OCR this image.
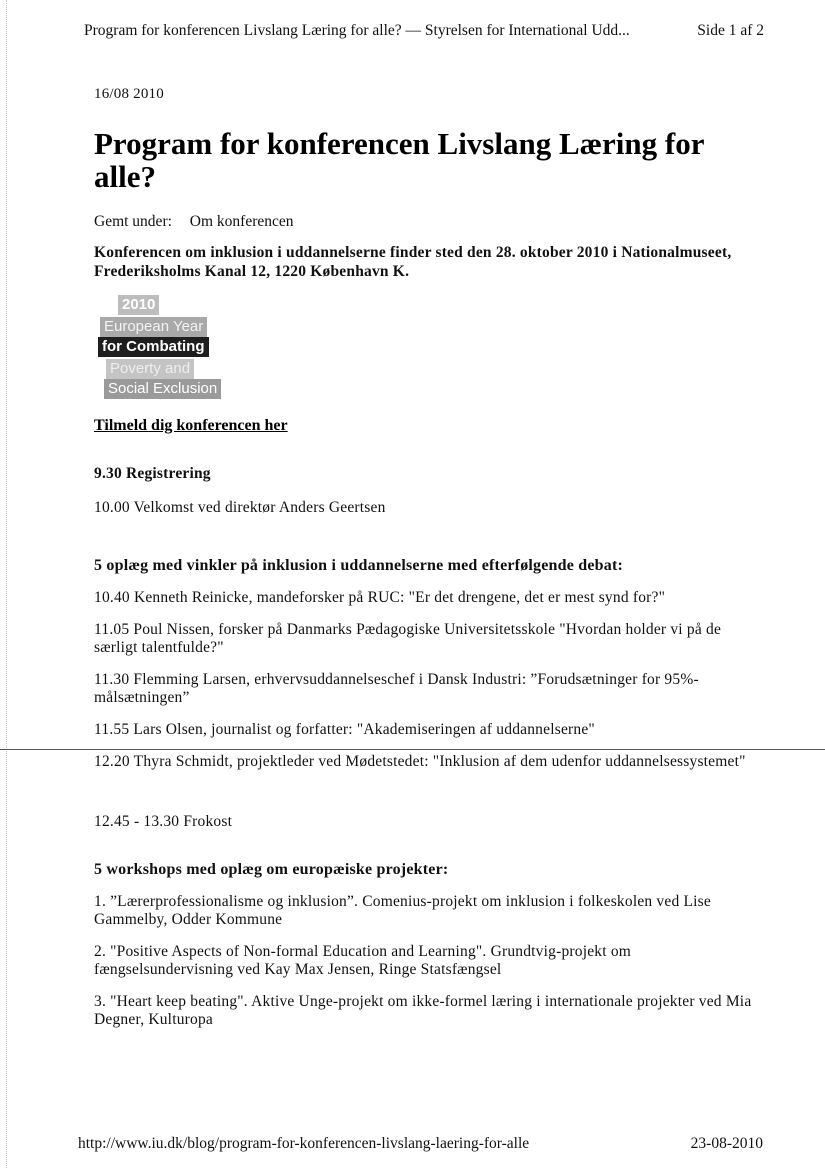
Program for konferencen Livslang Læring for alle? — Styrelsen for International Udd...	Side 1 af 2
16/08 2010
Program for konferencen Livslang Læring for alle?
Gemt under: Om konferencen
Konferencen om inklusion i uddannelserne finder sted den 28. oktober 2010 i Nationalmuseet, Frederiksholms Kanal 12, 1220 København K.
2010
European Year
for Combating
Poverty and
Social Exclusion
Tilmeld dig konferencen her
9.30 Registrering
10.00 Velkomst ved direktør Anders Geertsen
5 oplæg med vinkler på inklusion i uddannelserne med efterfølgende debat:
10.40 Kenneth Reinicke, mandeforsker på RUC: "Er det drengene, det er mest synd for?"
11.05 Poul Nissen, forsker på Danmarks Pædagogiske Universitetsskole "Hvordan holder vi på de særligt talentfulde?"
11.30 Flemming Larsen, erhvervsuddannelseschef i Dansk Industri: ”Forudsætninger for 95%-målsætningen”
11.55 Lars Olsen, journalist og forfatter: "Akademiseringen af uddannelserne"
12.20 Thyra Schmidt, projektleder ved Mødetstedet: "Inklusion af dem udenfor uddannelsessystemet"
12.45 - 13.30 Frokost
5 workshops med oplæg om europæiske projekter:
1. ”Lærerprofessionalisme og inklusion”. Comenius-projekt om inklusion i folkeskolen ved Lise Gammelby, Odder Kommune
2. "Positive Aspects of Non-formal Education and Learning". Grundtvig-projekt om fængselsundervisning ved Kay Max Jensen, Ringe Statsfængsel
3. "Heart keep beating". Aktive Unge-projekt om ikke-formel læring i internationale projekter ved Mia Degner, Kulturopa
http://www.iu.dk/blog/program-for-konferencen-livslang-laering-for-alle	23-08-2010
